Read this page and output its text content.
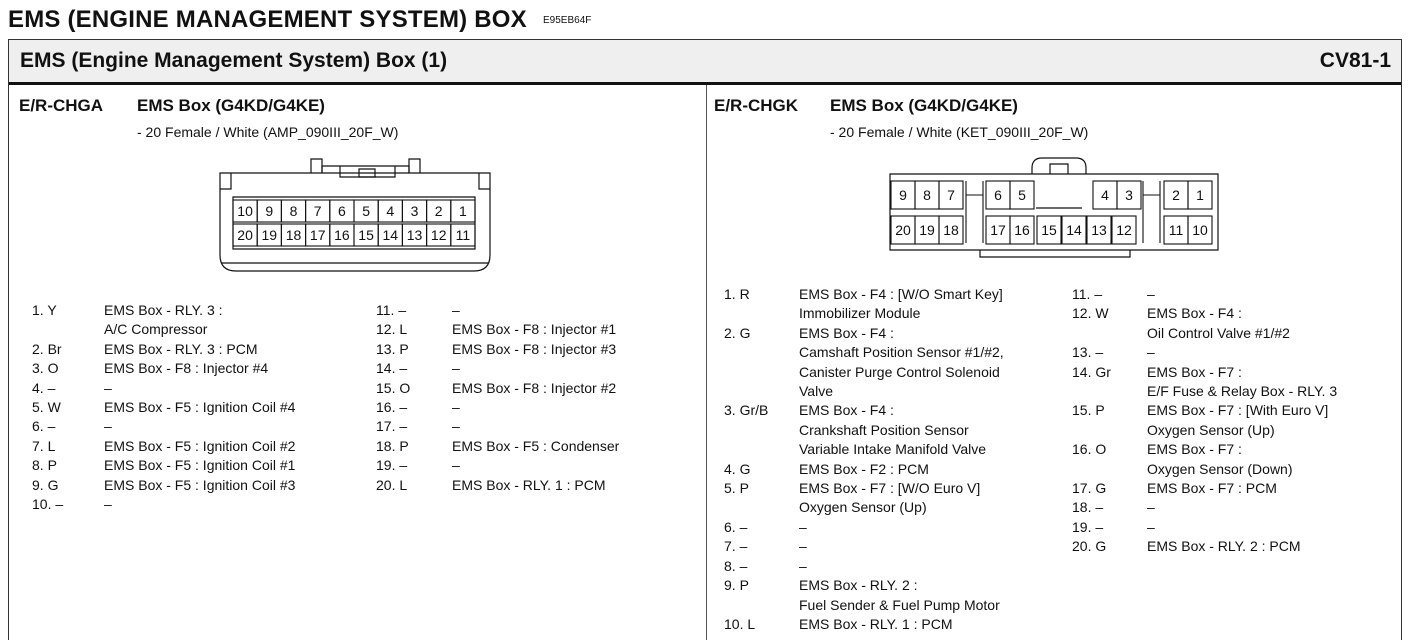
EMS (ENGINE MANAGEMENT SYSTEM) BOX E95EB64F
EMS (Engine Management System) Box (1)	CV81-1
E/R-CHGA EMS Box (G4KD/G4KE)
- 20 Female / White (AMP_090III_20F_W)
10 9 8 7 6 5 4 3 2 1
20 19 18 17 16 15 14 13 12 11
1. Y	EMS Box - RLY. 3 :
A/C Compressor
2. Br	EMS Box - RLY. 3 : PCM
3. O	EMS Box - F8 : Injector #4
4. –	–
5. W	EMS Box - F5 : Ignition Coil #4
6. –	–
7. L	EMS Box - F5 : Ignition Coil #2
8. P	EMS Box - F5 : Ignition Coil #1
9. G	EMS Box - F5 : Ignition Coil #3
10. –	–
11. –	–
12. L	EMS Box - F8 : Injector #1
13. P	EMS Box - F8 : Injector #3
14. –	–
15. O	EMS Box - F8 : Injector #2
16. –	–
17. –	–
18. P	EMS Box - F5 : Condenser
19. –	–
20. L	EMS Box - RLY. 1 : PCM
E/R-CHGK EMS Box (G4KD/G4KE)
- 20 Female / White (KET_090III_20F_W)
9 8 7	6 5	4 3	2 1
20 19 18 17 16 15 14 13 12	11 10
1. R	EMS Box - F4 : [W/O Smart Key]
Immobilizer Module
2. G	EMS Box - F4 :
Camshaft Position Sensor #1/#2,
Canister Purge Control Solenoid
Valve
3. Gr/B	EMS Box - F4 :
Crankshaft Position Sensor
Variable Intake Manifold Valve
4. G	EMS Box - F2 : PCM
5. P	EMS Box - F7 : [W/O Euro V]
Oxygen Sensor (Up)
6. –	–
7. –	–
8. –	–
9. P	EMS Box - RLY. 2 :
Fuel Sender & Fuel Pump Motor
10. L	EMS Box - RLY. 1 : PCM
11. –	–
12. W	EMS Box - F4 :
Oil Control Valve #1/#2
13. –	–
14. Gr	EMS Box - F7 :
E/F Fuse & Relay Box - RLY. 3
15. P	EMS Box - F7 : [With Euro V]
Oxygen Sensor (Up)
16. O	EMS Box - F7 :
Oxygen Sensor (Down)
17. G	EMS Box - F7 : PCM
18. –	–
19. –	–
20. G	EMS Box - RLY. 2 : PCM
